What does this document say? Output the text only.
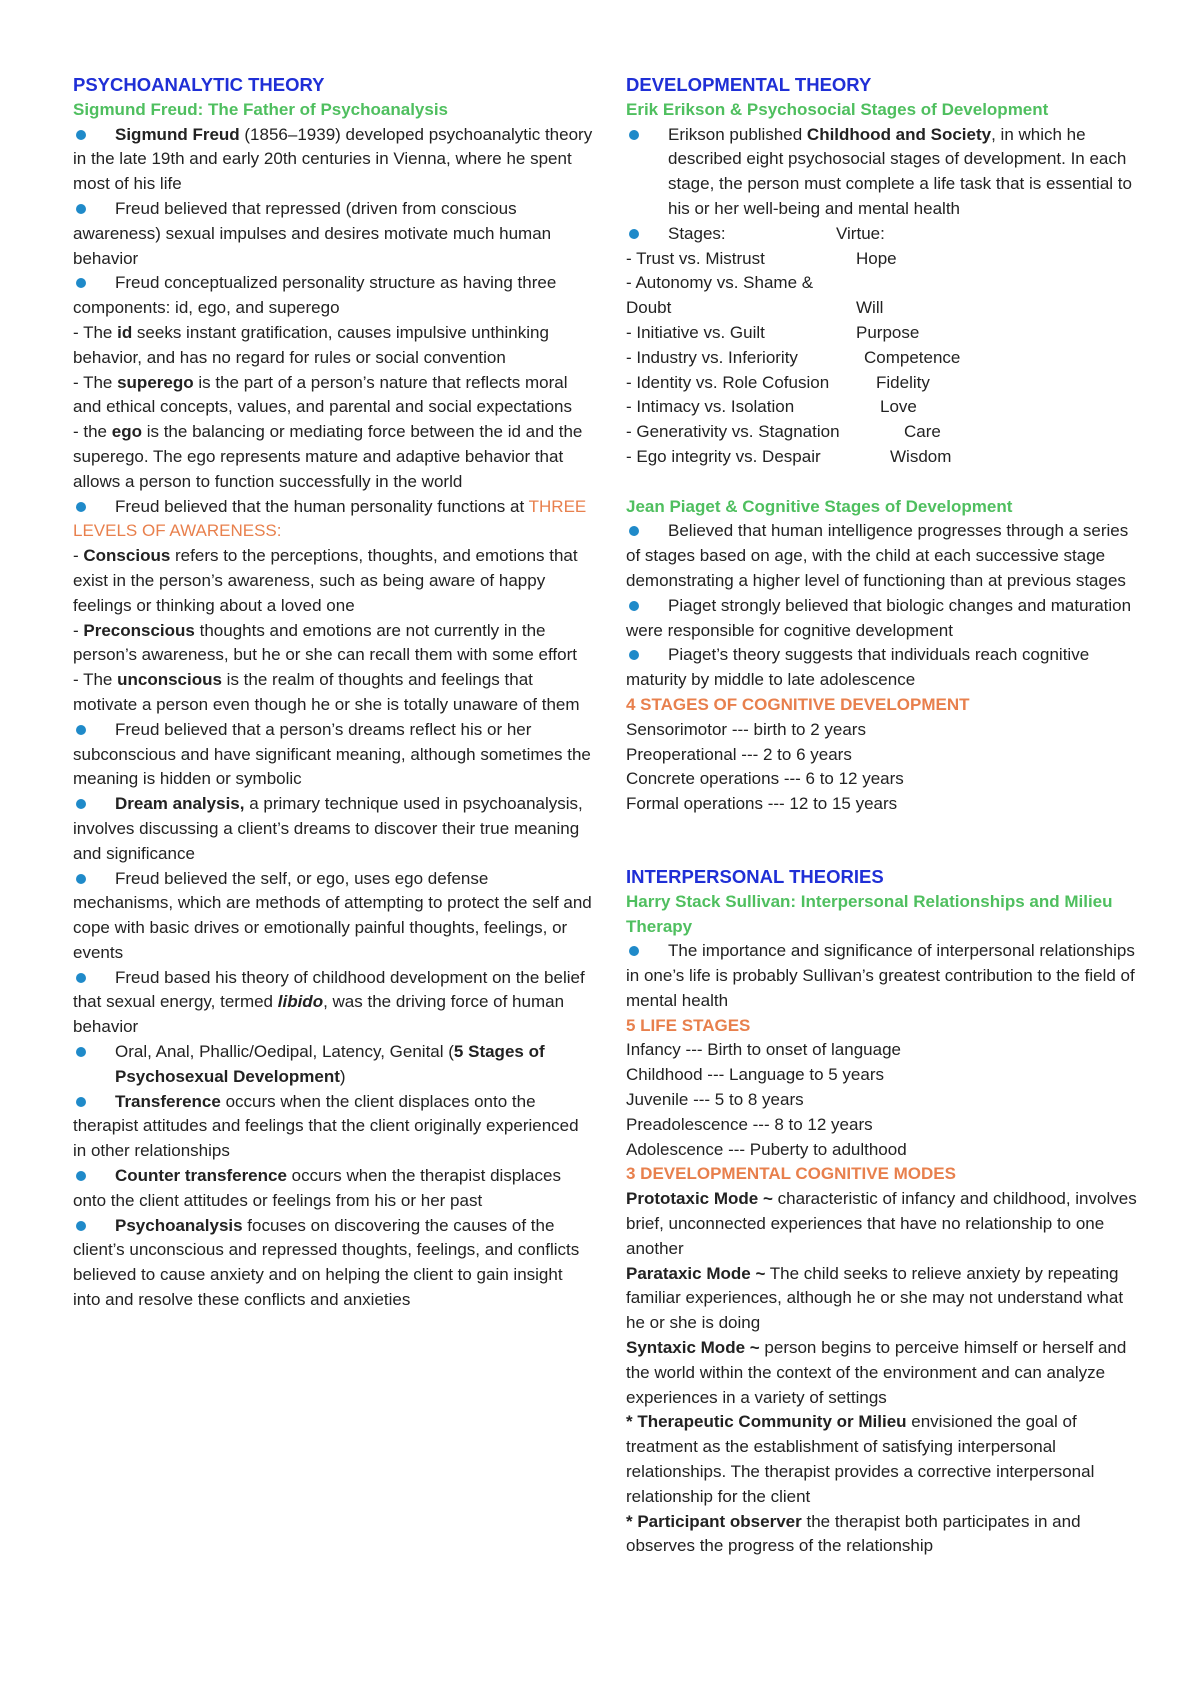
PSYCHOANALYTIC THEORY
Sigmund Freud: The Father of Psychoanalysis

Sigmund Freud (1856–1939) developed psychoanalytic theory in the late 19th and early 20th centuries in Vienna, where he spent most of his life

Freud believed that repressed (driven from conscious awareness) sexual impulses and desires motivate much human behavior

Freud conceptualized personality structure as having three components: id, ego, and superego

- The id seeks instant gratification, causes impulsive unthinking behavior, and has no regard for rules or social convention

- The superego is the part of a person’s nature that reflects moral and ethical concepts, values, and parental and social expectations

- the ego is the balancing or mediating force between the id and the superego. The ego represents mature and adaptive behavior that allows a person to function successfully in the world

Freud believed that the human personality functions at THREE LEVELS OF AWARENESS:

- Conscious refers to the perceptions, thoughts, and emotions that exist in the person’s awareness, such as being aware of happy feelings or thinking about a loved one

- Preconscious thoughts and emotions are not currently in the person’s awareness, but he or she can recall them with some effort

- The unconscious is the realm of thoughts and feelings that motivate a person even though he or she is totally unaware of them

Freud believed that a person’s dreams reflect his or her subconscious and have significant meaning, although sometimes the meaning is hidden or symbolic

Dream analysis, a primary technique used in psychoanalysis, involves discussing a client’s dreams to discover their true meaning and significance

Freud believed the self, or ego, uses ego defense mechanisms, which are methods of attempting to protect the self and cope with basic drives or emotionally painful thoughts, feelings, or events

Freud based his theory of childhood development on the belief that sexual energy, termed libido, was the driving force of human behavior

Oral, Anal, Phallic/Oedipal, Latency, Genital (5 Stages of Psychosexual Development)

Transference occurs when the client displaces onto the therapist attitudes and feelings that the client originally experienced in other relationships

Counter transference occurs when the therapist displaces onto the client attitudes or feelings from his or her past

Psychoanalysis focuses on discovering the causes of the client’s unconscious and repressed thoughts, feelings, and conflicts believed to cause anxiety and on helping the client to gain insight into and resolve these conflicts and anxieties

DEVELOPMENTAL THEORY
Erik Erikson & Psychosocial Stages of Development

Erikson published Childhood and Society, in which he described eight psychosocial stages of development. In each stage, the person must complete a life task that is essential to his or her well-being and mental health

Stages:	Virtue:

- Trust vs. Mistrust	Hope
- Autonomy vs. Shame & Doubt	Will
- Initiative vs. Guilt	Purpose
- Industry vs. Inferiority	Competence
- Identity vs. Role Cofusion	Fidelity
- Intimacy vs. Isolation	Love
- Generativity vs. Stagnation	Care
- Ego integrity vs. Despair	Wisdom
Jean Piaget & Cognitive Stages of Development

Believed that human intelligence progresses through a series of stages based on age, with the child at each successive stage demonstrating a higher level of functioning than at previous stages

Piaget strongly believed that biologic changes and maturation were responsible for cognitive development

Piaget’s theory suggests that individuals reach cognitive maturity by middle to late adolescence

4 STAGES OF COGNITIVE DEVELOPMENT
Sensorimotor --- birth to 2 years
Preoperational --- 2 to 6 years
Concrete operations --- 6 to 12 years
Formal operations --- 12 to 15 years
INTERPERSONAL THEORIES
Harry Stack Sullivan: Interpersonal Relationships and Milieu Therapy

The importance and significance of interpersonal relationships in one’s life is probably Sullivan’s greatest contribution to the field of mental health

5 LIFE STAGES
Infancy --- Birth to onset of language
Childhood --- Language to 5 years
Juvenile --- 5 to 8 years
Preadolescence --- 8 to 12 years
Adolescence --- Puberty to adulthood
3 DEVELOPMENTAL COGNITIVE MODES

Prototaxic Mode ~ characteristic of infancy and childhood, involves brief, unconnected experiences that have no relationship to one another

Parataxic Mode ~ The child seeks to relieve anxiety by repeating familiar experiences, although he or she may not understand what he or she is doing

Syntaxic Mode ~ person begins to perceive himself or herself and the world within the context of the environment and can analyze experiences in a variety of settings

* Therapeutic Community or Milieu envisioned the goal of treatment as the establishment of satisfying interpersonal relationships. The therapist provides a corrective interpersonal relationship for the client

* Participant observer the therapist both participates in and observes the progress of the relationship
